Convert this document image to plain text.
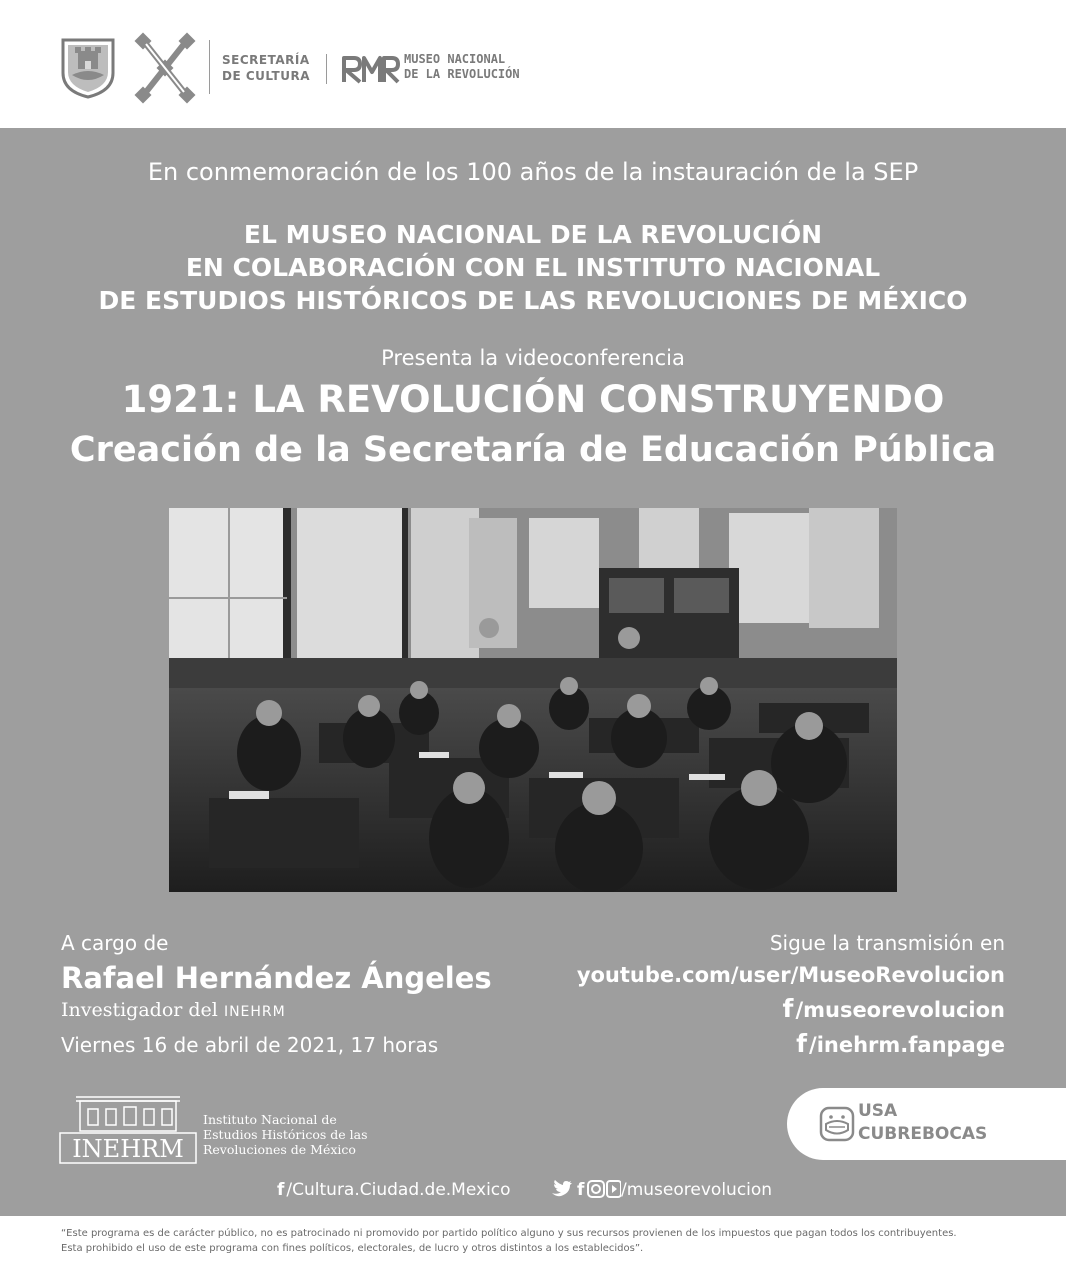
SECRETARÍA
DE CULTURA
MUSEO NACIONAL
DE LA REVOLUCIÓN
En conmemoración de los 100 años de la instauración de la SEP
EL MUSEO NACIONAL DE LA REVOLUCIÓN
EN COLABORACIÓN CON EL INSTITUTO NACIONAL
DE ESTUDIOS HISTÓRICOS DE LAS REVOLUCIONES DE MÉXICO
Presenta la videoconferencia
1921: LA REVOLUCIÓN CONSTRUYENDO
Creación de la Secretaría de Educación Pública
A cargo de
Rafael Hernández Ángeles
Investigador del INEHRM
Viernes 16 de abril de 2021, 17 horas
Sigue la transmisión en
youtube.com/user/MuseoRevolucion
f/museorevolucion
f/inehrm.fanpage
INEHRM
Instituto Nacional de
Estudios Históricos de las
Revoluciones de México
USA
CUBREBOCAS
f /Cultura.Ciudad.de.Mexico	f /museorevolucion
“Este programa es de carácter público, no es patrocinado ni promovido por partido político alguno y sus recursos provienen de los impuestos que pagan todos los contribuyentes.
Esta prohibido el uso de este programa con fines políticos, electorales, de lucro y otros distintos a los establecidos”.
